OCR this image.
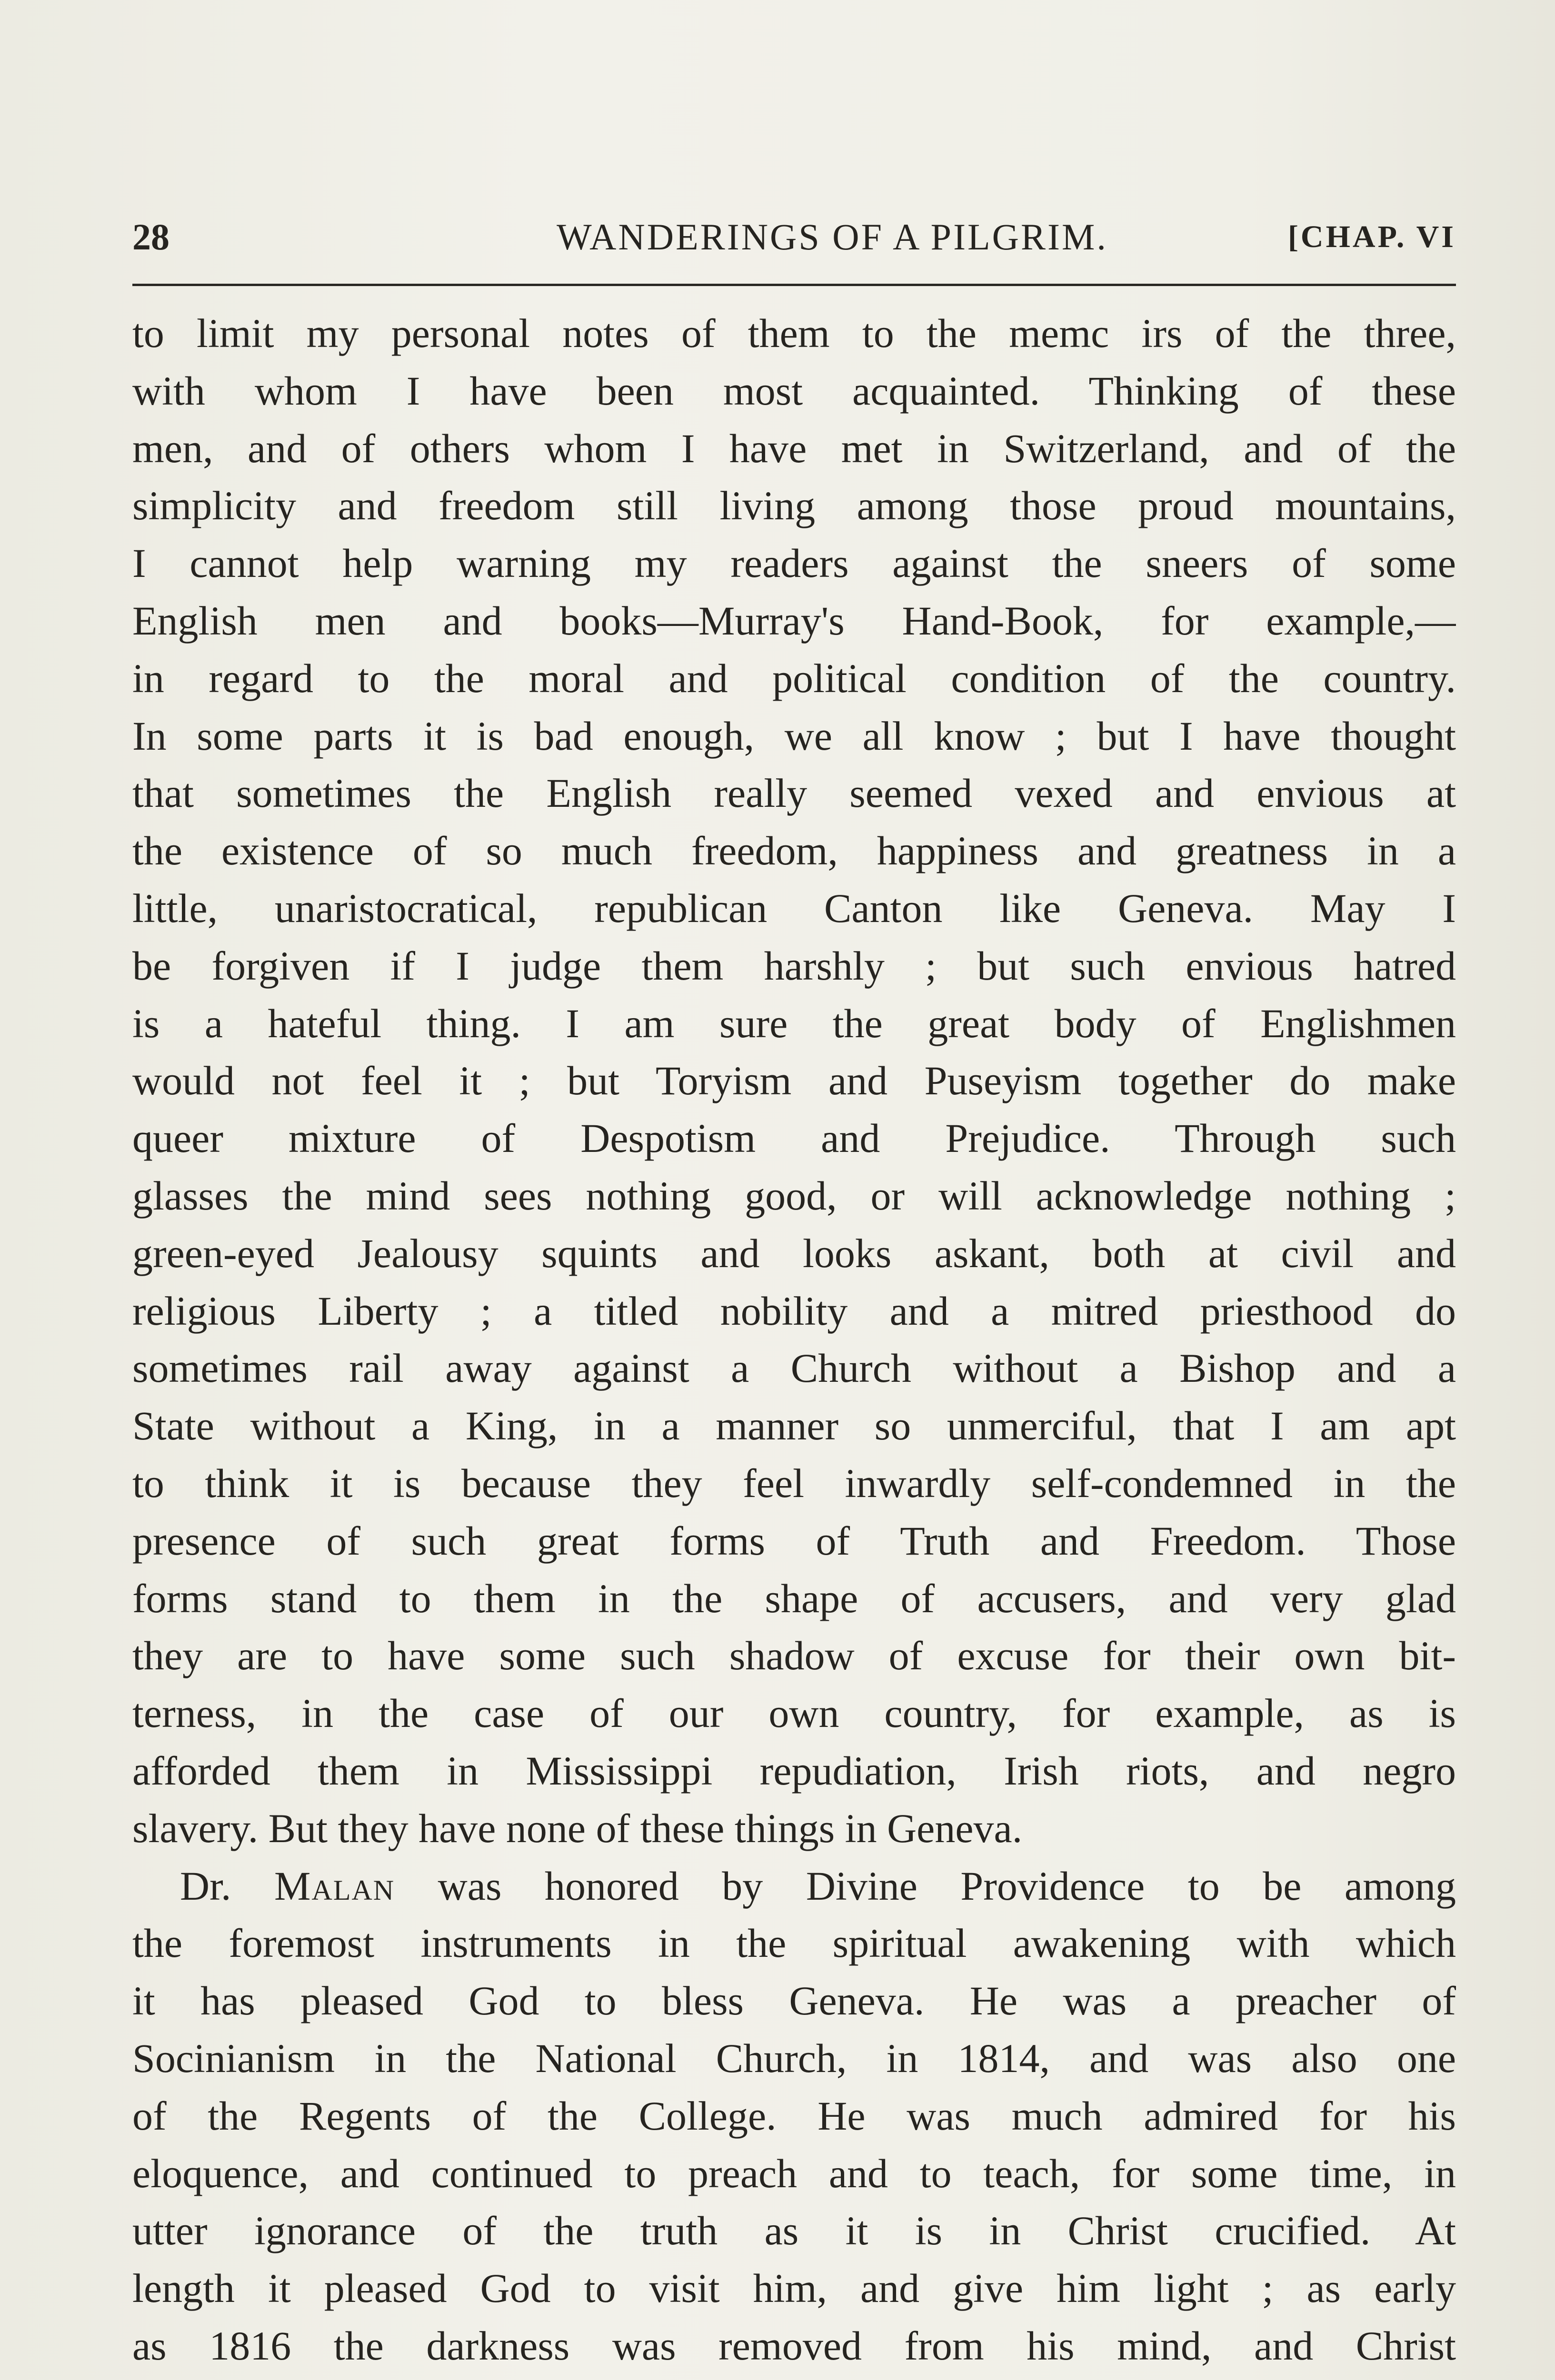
28	WANDERINGS OF A PILGRIM.	[CHAP. VI
to limit my personal notes of them to the memc irs of the three,
with whom I have been most acquainted. Thinking of these
men, and of others whom I have met in Switzerland, and of the
simplicity and freedom still living among those proud mountains,
I cannot help warning my readers against the sneers of some
English men and books—Murray's Hand-Book, for example,—
in regard to the moral and political condition of the country.
In some parts it is bad enough, we all know ; but I have thought
that sometimes the English really seemed vexed and envious at
the existence of so much freedom, happiness and greatness in a
little, unaristocratical, republican Canton like Geneva. May I
be forgiven if I judge them harshly ; but such envious hatred
is a hateful thing. I am sure the great body of Englishmen
would not feel it ; but Toryism and Puseyism together do make
queer mixture of Despotism and Prejudice. Through such
glasses the mind sees nothing good, or will acknowledge nothing ;
green-eyed Jealousy squints and looks askant, both at civil and
religious Liberty ; a titled nobility and a mitred priesthood do
sometimes rail away against a Church without a Bishop and a
State without a King, in a manner so unmerciful, that I am apt
to think it is because they feel inwardly self-condemned in the
presence of such great forms of Truth and Freedom. Those
forms stand to them in the shape of accusers, and very glad
they are to have some such shadow of excuse for their own bit-
terness, in the case of our own country, for example, as is
afforded them in Mississippi repudiation, Irish riots, and negro
slavery. But they have none of these things in Geneva.
Dr. Malan was honored by Divine Providence to be among
the foremost instruments in the spiritual awakening with which
it has pleased God to bless Geneva. He was a preacher of
Socinianism in the National Church, in 1814, and was also one
of the Regents of the College. He was much admired for his
eloquence, and continued to preach and to teach, for some time, in
utter ignorance of the truth as it is in Christ crucified. At
length it pleased God to visit him, and give him light ; as early
as 1816 the darkness was removed from his mind, and Christ
